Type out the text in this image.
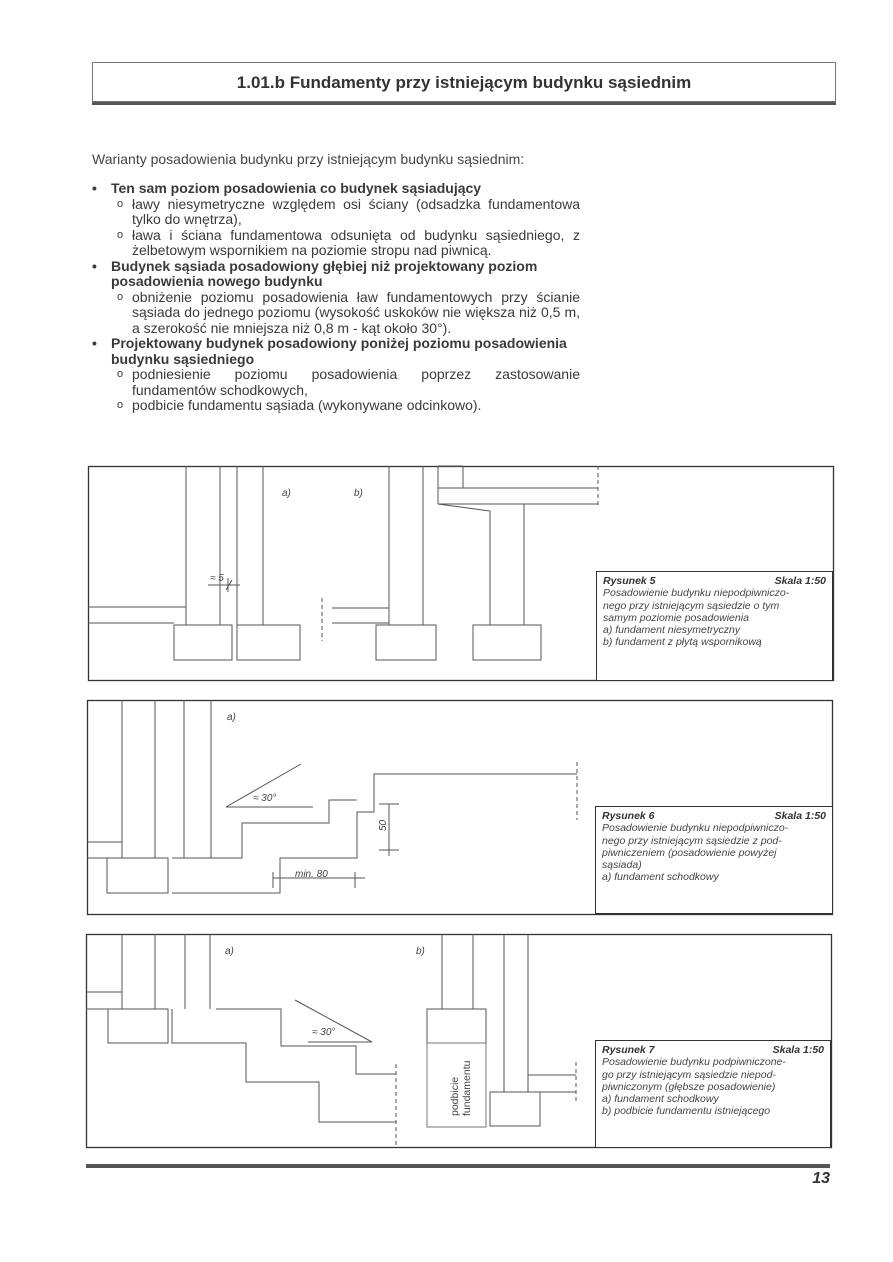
1.01.b Fundamenty przy istniejącym budynku sąsiednim
Warianty posadowienia budynku przy istniejącym budynku sąsiednim:

• Ten sam poziom posadowienia co budynek sąsiadujący

o ławy niesymetryczne względem osi ściany (odsadzka fundamentowa tylko do wnętrza),

o ława i ściana fundamentowa odsunięta od budynku sąsiedniego, z żelbetowym wspornikiem na poziomie stropu nad piwnicą.

• Budynek sąsiada posadowiony głębiej niż projektowany poziom posadowienia nowego budynku

o obniżenie poziomu posadowienia ław fundamentowych przy ścianie sąsiada do jednego poziomu (wysokość uskoków nie większa niż 0,5 m, a szerokość nie mniejsza niż 0,8 m - kąt około 30°).

• Projektowany budynek posadowiony poniżej poziomu posadowienia budynku sąsiedniego

o podniesienie poziomu posadowienia poprzez zastosowanie fundamentów schodkowych,

o podbicie fundamentu sąsiada (wykonywane odcinkowo).

≈ 5
a)	b)
Rysunek 5	Skala 1:50

Posadowienie budynku niepodpiwniczo-

nego przy istniejącym sąsiedzie o tym

samym poziomie posadowienia

a) fundament niesymetryczny

b) fundament z płytą wspornikową

≈ 30°
50
min. 80
a)
Rysunek 6	Skala 1:50

Posadowienie budynku niepodpiwniczo-

nego przy istniejącym sąsiedzie z pod-

piwniczeniem (posadowienie powyżej

sąsiada)

a) fundament schodkowy

≈ 30°
a)	b)
podbicie fundamentu
Rysunek 7	Skala 1:50

Posadowienie budynku podpiwniczone-

go przy istniejącym sąsiedzie niepod-

piwniczonym (głębsze posadowienie)

a) fundament schodkowy

b) podbicie fundamentu istniejącego

13
